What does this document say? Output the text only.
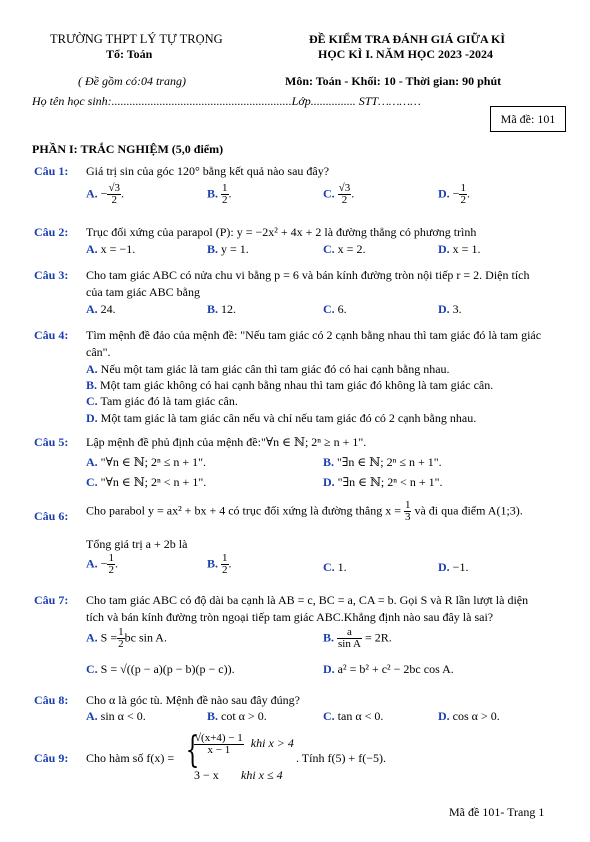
TRƯỜNG THPT LÝ TỰ TRỌNG
Tổ: Toán
ĐỀ KIỂM TRA ĐÁNH GIÁ GIỮA KÌ
HỌC KÌ I. NĂM HỌC 2023 -2024
( Đề gồm có:04 trang)	Môn: Toán - Khối: 10 - Thời gian: 90 phút
Họ tên học sinh:............................................................Lớp............... STT…………
Mã đề: 101
PHẦN I: TRẮC NGHIỆM (5,0 điểm)
Câu 1: Giá trị sin của góc 120° bằng kết quả nào sau đây?
A. − $\frac{√3}{2}$ .	B. $\frac{1}{2}$ .	C. $\frac{√3}{2}$ .	D. − $\frac{1}{2}$ .
Câu 2: Trục đối xứng của parapol (P): y = −2x² + 4x + 2 là đường thẳng có phương trình
A. x = −1.	B. y = 1.	C. x = 2.	D. x = 1.
Câu 3: Cho tam giác ABC có nửa chu vi bằng p = 6 và bán kính đường tròn nội tiếp r = 2. Diện tích
của tam giác ABC bằng
A. 24.	B. 12.	C. 6.	D. 3.
Câu 4: Tìm mệnh đề đảo của mệnh đề: "Nếu tam giác có 2 cạnh bằng nhau thì tam giác đó là tam giác
cân".
A. Nếu một tam giác là tam giác cân thì tam giác đó có hai cạnh bằng nhau.
B. Một tam giác không có hai cạnh bằng nhau thì tam giác đó không là tam giác cân.
C. Tam giác đó là tam giác cân.
D. Một tam giác là tam giác cân nếu và chỉ nếu tam giác đó có 2 cạnh bằng nhau.
Câu 5: Lập mệnh đề phủ định của mệnh đề:"∀n ∈ ℕ; 2ⁿ ≥ n + 1".
A. "∀n ∈ ℕ; 2ⁿ ≤ n + 1".	B. "∃n ∈ ℕ; 2ⁿ ≤ n + 1".
C. "∀n ∈ ℕ; 2ⁿ < n + 1".	D. "∃n ∈ ℕ; 2ⁿ < n + 1".
Câu 6: Cho parabol y = ax² + bx + 4 có trục đối xứng là đường thẳng $x = \frac{1}{3}$ và đi qua điểm A(1;3).
Tổng giá trị a + 2b là
A. − $\frac{1}{2}$ .	B. $\frac{1}{2}$ .	C. 1.	D. −1.
Câu 7: Cho tam giác ABC có độ dài ba cạnh là AB = c, BC = a, CA = b. Gọi S và R lần lượt là diện
tích và bán kính đường tròn ngoại tiếp tam giác ABC.Khẳng định nào sau đây là sai?
A. $S = \frac{1}{2}$ bc sin A.	B. $\frac{a}{\text{sin A}} = 2R$.
C. S = √((p − a)(p − b)(p − c)).	D. a² = b² + c² − 2bc cos A.
Câu 8: Cho α là góc tù. Mệnh đề nào sau đây đúng?
A. sin α < 0.	B. cot α > 0.	C. tan α < 0.	D. cos α > 0.
Câu 9: Cho hàm số f(x) = {
$\frac{√(x+4) - 1}{x - 1}$ khi x > 4
3 − x khi x ≤ 4
. Tính f(5) + f(−5).
Mã đề 101- Trang 1
